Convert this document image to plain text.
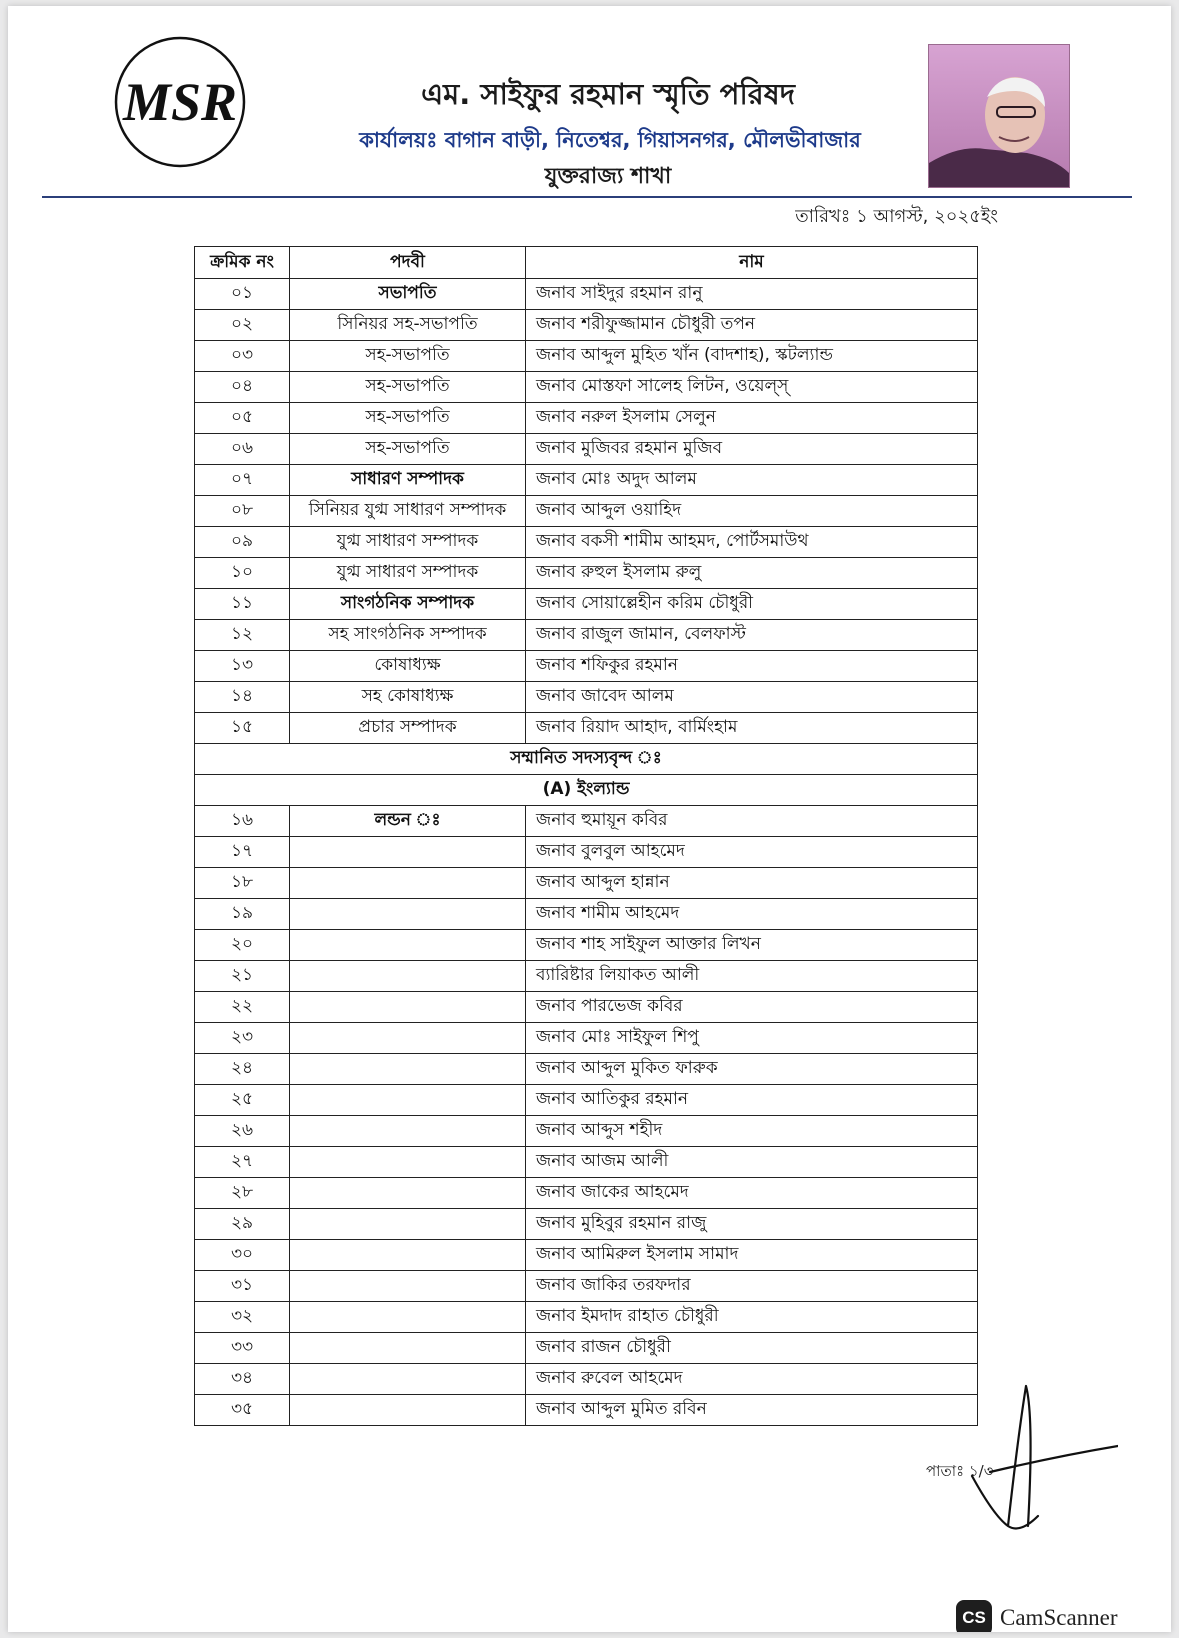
MSR	এম. সাইফুর রহমান স্মৃতি পরিষদ
কার্যালয়ঃ বাগান বাড়ী, নিতেশ্বর, গিয়াসনগর, মৌলভীবাজার
যুক্তরাজ্য শাখা
তারিখঃ ১ আগস্ট, ২০২৫ইং
ক্রমিক নং	পদবী	নাম
০১	সভাপতি	জনাব সাইদুর রহমান রানু
০২	সিনিয়র সহ-সভাপতি	জনাব শরীফুজ্জামান চৌধুরী তপন
০৩	সহ-সভাপতি	জনাব আব্দুল মুহিত খাঁন (বাদশাহ), স্কটল্যান্ড
০৪	সহ-সভাপতি	জনাব মোস্তফা সালেহ লিটন, ওয়েল্‌স্‌
০৫	সহ-সভাপতি	জনাব নরুল ইসলাম সেলুন
০৬	সহ-সভাপতি	জনাব মুজিবর রহমান মুজিব
০৭	সাধারণ সম্পাদক	জনাব মোঃ অদুদ আলম
০৮	সিনিয়র যুগ্ম সাধারণ সম্পাদক	জনাব আব্দুল ওয়াহিদ
০৯	যুগ্ম সাধারণ সম্পাদক	জনাব বকসী শামীম আহমদ, পোর্টসমাউথ
১০	যুগ্ম সাধারণ সম্পাদক	জনাব রুহুল ইসলাম রুলু
১১	সাংগঠনিক সম্পাদক	জনাব সোয়াল্লেহীন করিম চৌধুরী
১২	সহ সাংগঠনিক সম্পাদক	জনাব রাজুল জামান, বেলফাস্ট
১৩	কোষাধ্যক্ষ	জনাব শফিকুর রহমান
১৪	সহ কোষাধ্যক্ষ	জনাব জাবেদ আলম
১৫	প্রচার সম্পাদক	জনাব রিয়াদ আহাদ, বার্মিংহাম
সম্মানিত সদস্যবৃন্দ ঃ		
(A) ইংল্যান্ড		
১৬	লন্ডন ঃ	জনাব হুমায়ূন কবির
১৭		জনাব বুলবুল আহমেদ
১৮		জনাব আব্দুল হান্নান
১৯		জনাব শামীম আহমেদ
২০		জনাব শাহ সাইফুল আক্তার লিখন
২১		ব্যারিষ্টার লিয়াকত আলী
২২		জনাব পারভেজ কবির
২৩		জনাব মোঃ সাইফুল শিপু
২৪		জনাব আব্দুল মুকিত ফারুক
২৫		জনাব আতিকুর রহমান
২৬		জনাব আব্দুস শহীদ
২৭		জনাব আজম আলী
২৮		জনাব জাকের আহমেদ
২৯		জনাব মুহিবুর রহমান রাজু
৩০		জনাব আমিরুল ইসলাম সামাদ
৩১		জনাব জাকির তরফদার
৩২		জনাব ইমদাদ রাহাত চৌধুরী
৩৩		জনাব রাজন চৌধুরী
৩৪		জনাব রুবেল আহমেদ
৩৫		জনাব আব্দুল মুমিত রবিন
পাতাঃ ১/৩
CS CamScanner
